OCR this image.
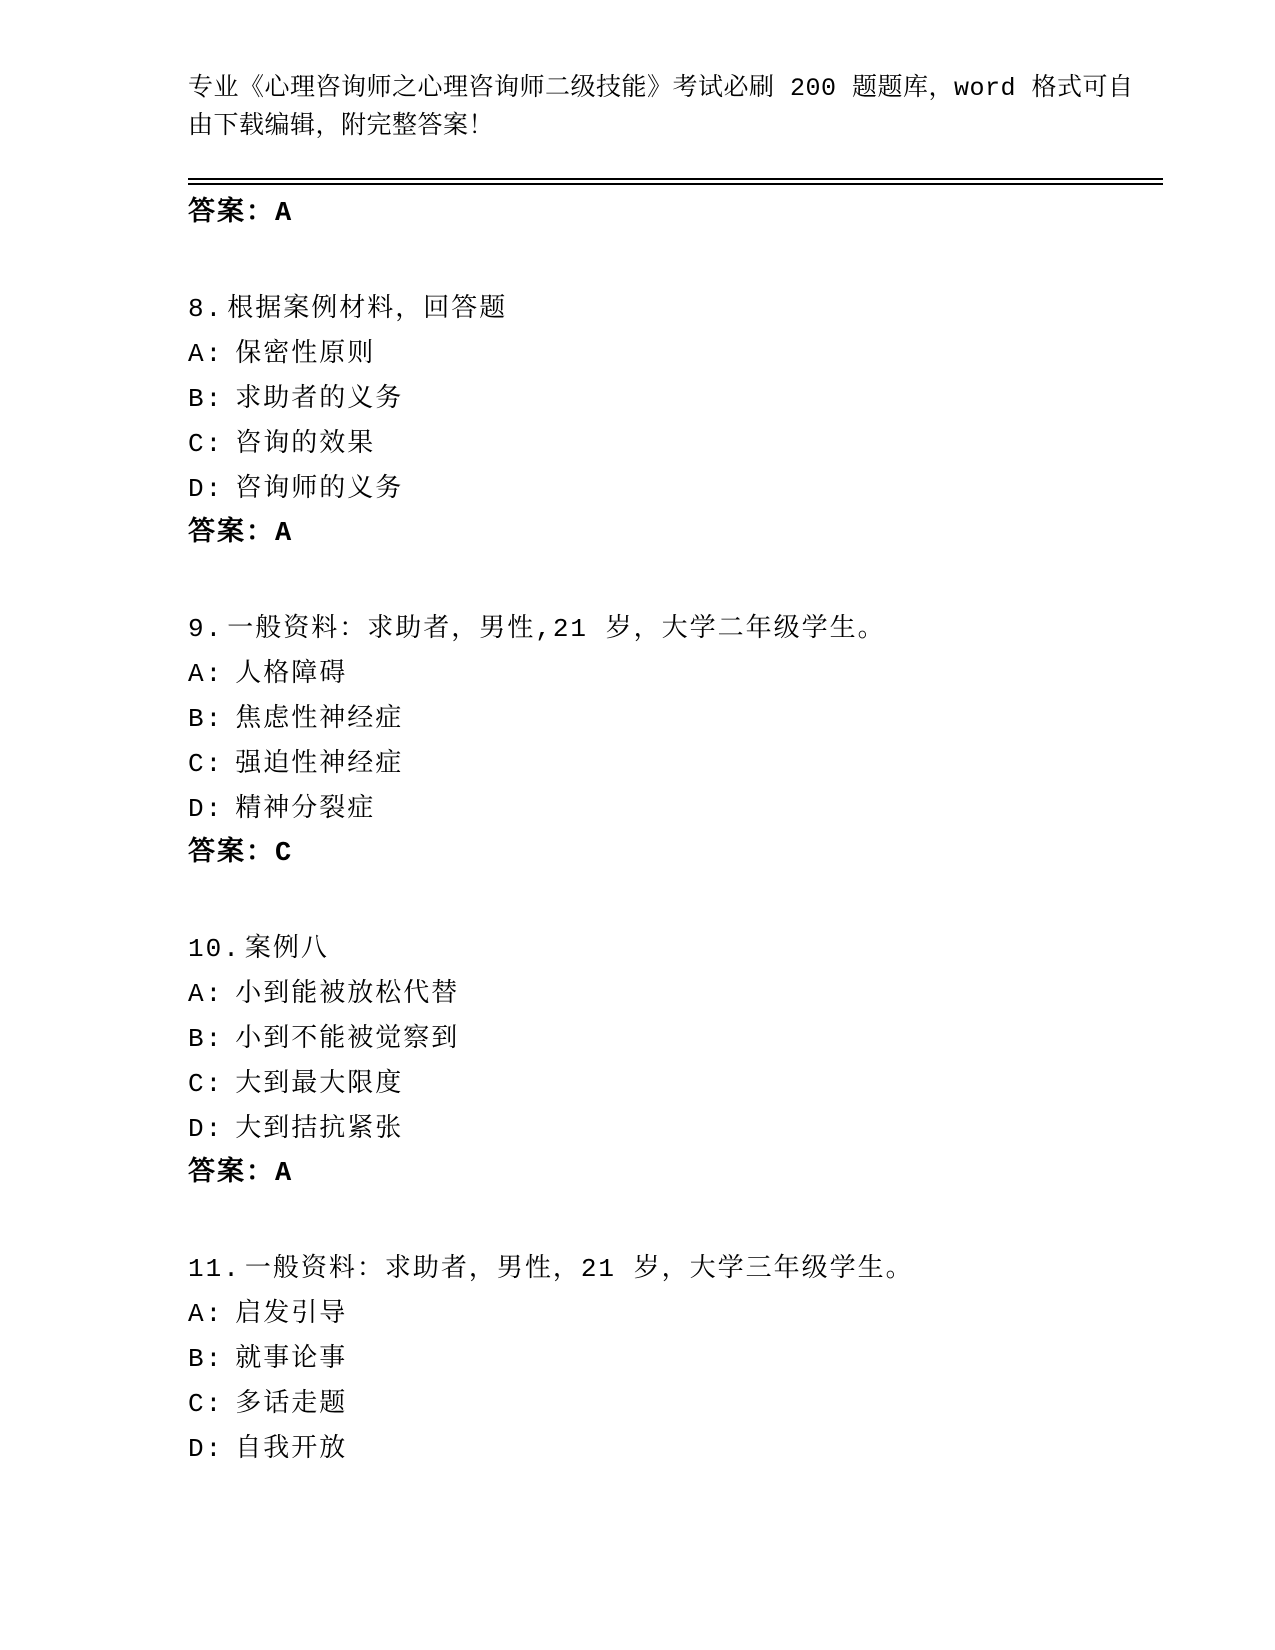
专业《心理咨询师之心理咨询师二级技能》考试必刷 200 题题库，word 格式可自
由下载编辑，附完整答案！
答案：A
8. 根据案例材料，回答题
A: 保密性原则
B: 求助者的义务
C: 咨询的效果
D: 咨询师的义务
答案：A
9. 一般资料：求助者，男性,21 岁，大学二年级学生。
A: 人格障碍
B: 焦虑性神经症
C: 强迫性神经症
D: 精神分裂症
答案：C
10. 案例八
A: 小到能被放松代替
B: 小到不能被觉察到
C: 大到最大限度
D: 大到拮抗紧张
答案：A
11. 一般资料：求助者，男性，21 岁，大学三年级学生。
A: 启发引导
B: 就事论事
C: 多话走题
D: 自我开放
